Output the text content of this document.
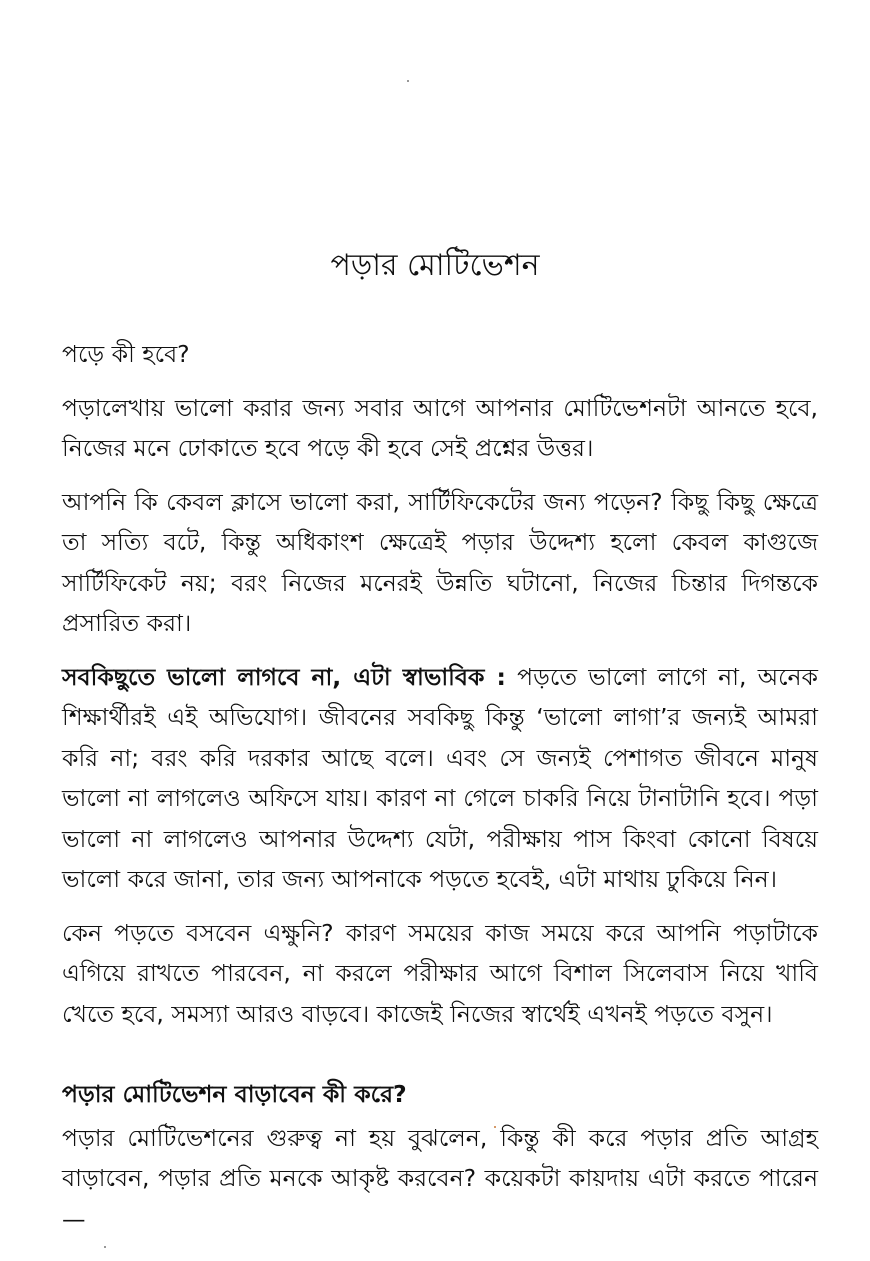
পড়ার মোটিভেশন

পড়ে কী হবে?

পড়ালেখায় ভালো করার জন্য সবার আগে আপনার মোটিভেশনটা আনতে হবে, নিজের মনে ঢোকাতে হবে পড়ে কী হবে সেই প্রশ্নের উত্তর।

আপনি কি কেবল ক্লাসে ভালো করা, সার্টিফিকেটের জন্য পড়েন? কিছু কিছু ক্ষেত্রে তা সত্যি বটে, কিন্তু অধিকাংশ ক্ষেত্রেই পড়ার উদ্দেশ্য হলো কেবল কাগুজে সার্টিফিকেট নয়; বরং নিজের মনেরই উন্নতি ঘটানো, নিজের চিন্তার দিগন্তকে প্রসারিত করা।

সবকিছুতে ভালো লাগবে না, এটা স্বাভাবিক : পড়তে ভালো লাগে না, অনেক শিক্ষার্থীরই এই অভিযোগ। জীবনের সবকিছু কিন্তু ‘ভালো লাগা’র জন্যই আমরা করি না; বরং করি দরকার আছে বলে। এবং সে জন্যই পেশাগত জীবনে মানুষ ভালো না লাগলেও অফিসে যায়। কারণ না গেলে চাকরি নিয়ে টানাটানি হবে। পড়া ভালো না লাগলেও আপনার উদ্দেশ্য যেটা, পরীক্ষায় পাস কিংবা কোনো বিষয়ে ভালো করে জানা, তার জন্য আপনাকে পড়তে হবেই, এটা মাথায় ঢুকিয়ে নিন।

কেন পড়তে বসবেন এক্ষুনি? কারণ সময়ের কাজ সময়ে করে আপনি পড়াটাকে এগিয়ে রাখতে পারবেন, না করলে পরীক্ষার আগে বিশাল সিলেবাস নিয়ে খাবি খেতে হবে, সমস্যা আরও বাড়বে। কাজেই নিজের স্বার্থেই এখনই পড়তে বসুন।

পড়ার মোটিভেশন বাড়াবেন কী করে?

পড়ার মোটিভেশনের গুরুত্ব না হয় বুঝলেন, কিন্তু কী করে পড়ার প্রতি আগ্রহ বাড়াবেন, পড়ার প্রতি মনকে আকৃষ্ট করবেন? কয়েকটা কায়দায় এটা করতে পারেন—
